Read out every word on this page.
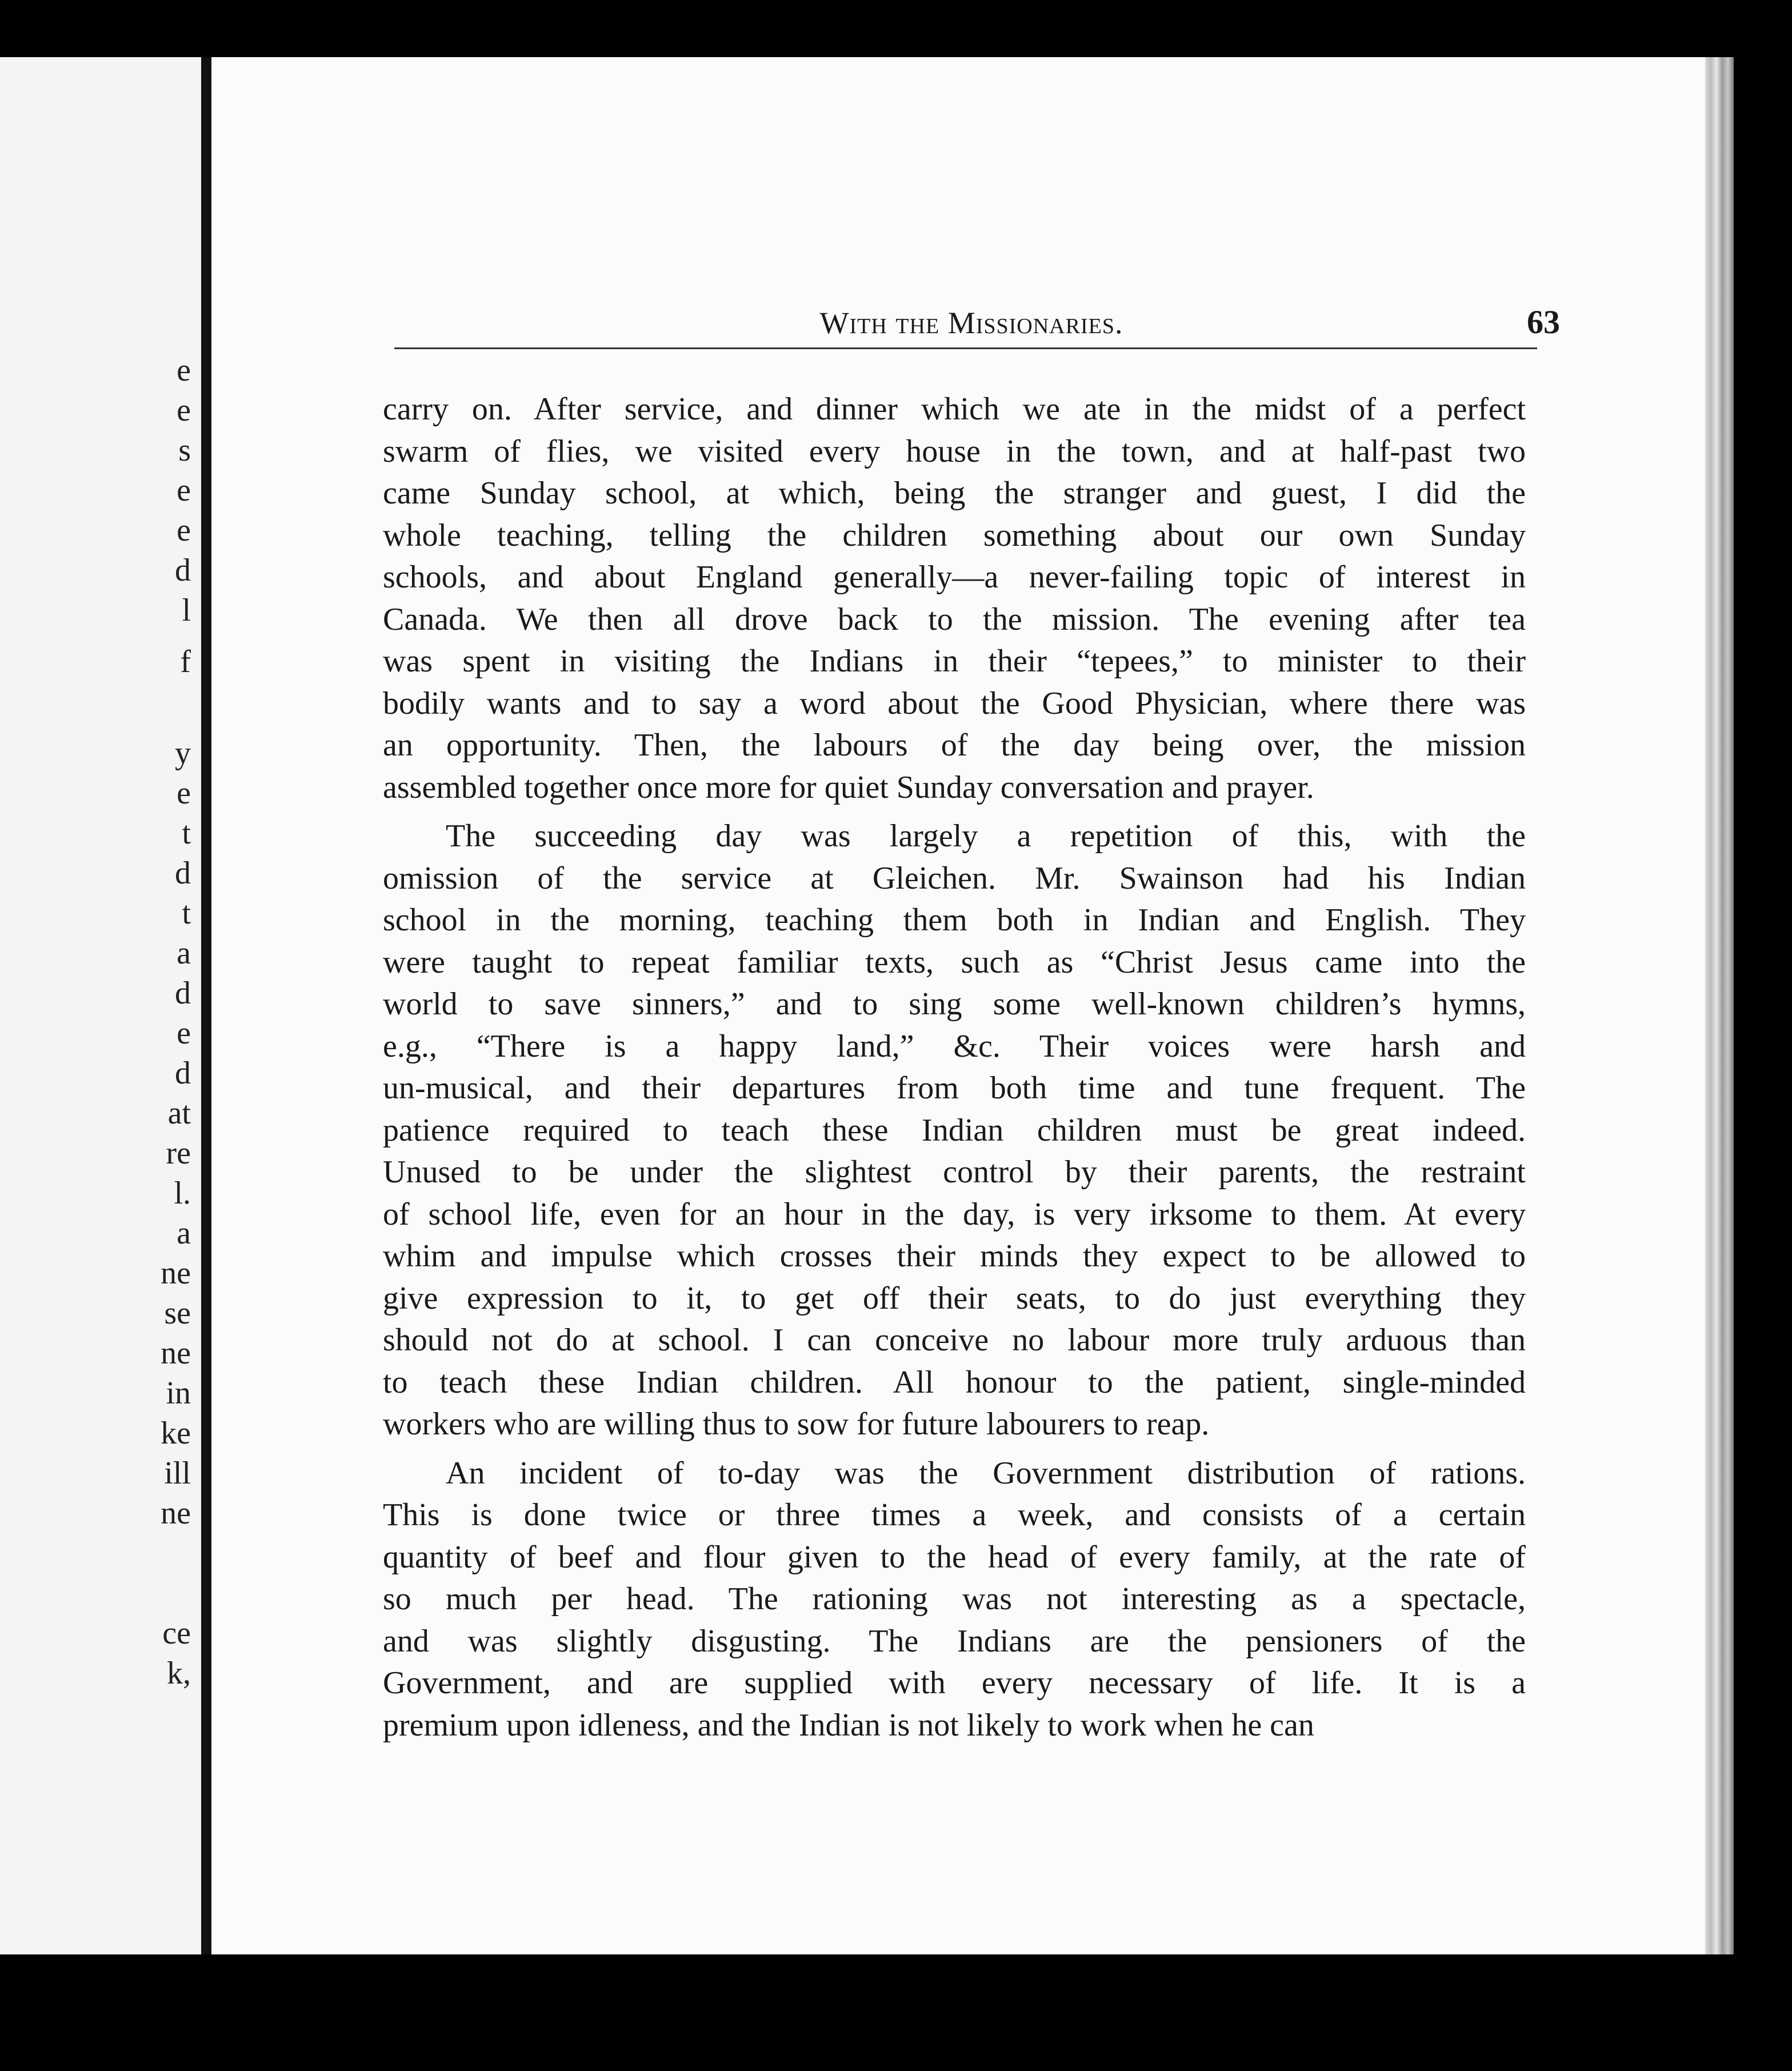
e
e
s
e
e
d
l
f
y
e
t
d
t
a
d
e
d
at
re
l.
a
ne
se
ne
in
ke
ill
ne
ce
k,
With the Missionaries.	63
carry on. After service, and dinner which we ate in the midst of a perfect
swarm of flies, we visited every house in the town, and at half-past two
came Sunday school, at which, being the stranger and guest, I did the
whole teaching, telling the children something about our own Sunday
schools, and about England generally—a never-failing topic of interest in
Canada. We then all drove back to the mission. The evening after tea
was spent in visiting the Indians in their “tepees,” to minister to their
bodily wants and to say a word about the Good Physician, where there was
an opportunity. Then, the labours of the day being over, the mission
assembled together once more for quiet Sunday conversation and prayer.
The succeeding day was largely a repetition of this, with the
omission of the service at Gleichen. Mr. Swainson had his Indian
school in the morning, teaching them both in Indian and English. They
were taught to repeat familiar texts, such as “Christ Jesus came into the
world to save sinners,” and to sing some well-known children’s hymns,
e.g., “There is a happy land,” &c. Their voices were harsh and
un-musical, and their departures from both time and tune frequent. The
patience required to teach these Indian children must be great indeed.
Unused to be under the slightest control by their parents, the restraint
of school life, even for an hour in the day, is very irksome to them. At every
whim and impulse which crosses their minds they expect to be allowed to
give expression to it, to get off their seats, to do just everything they
should not do at school. I can conceive no labour more truly arduous than
to teach these Indian children. All honour to the patient, single-minded
workers who are willing thus to sow for future labourers to reap.
An incident of to-day was the Government distribution of rations.
This is done twice or three times a week, and consists of a certain
quantity of beef and flour given to the head of every family, at the rate of
so much per head. The rationing was not interesting as a spectacle,
and was slightly disgusting. The Indians are the pensioners of the
Government, and are supplied with every necessary of life. It is a
premium upon idleness, and the Indian is not likely to work when he can
